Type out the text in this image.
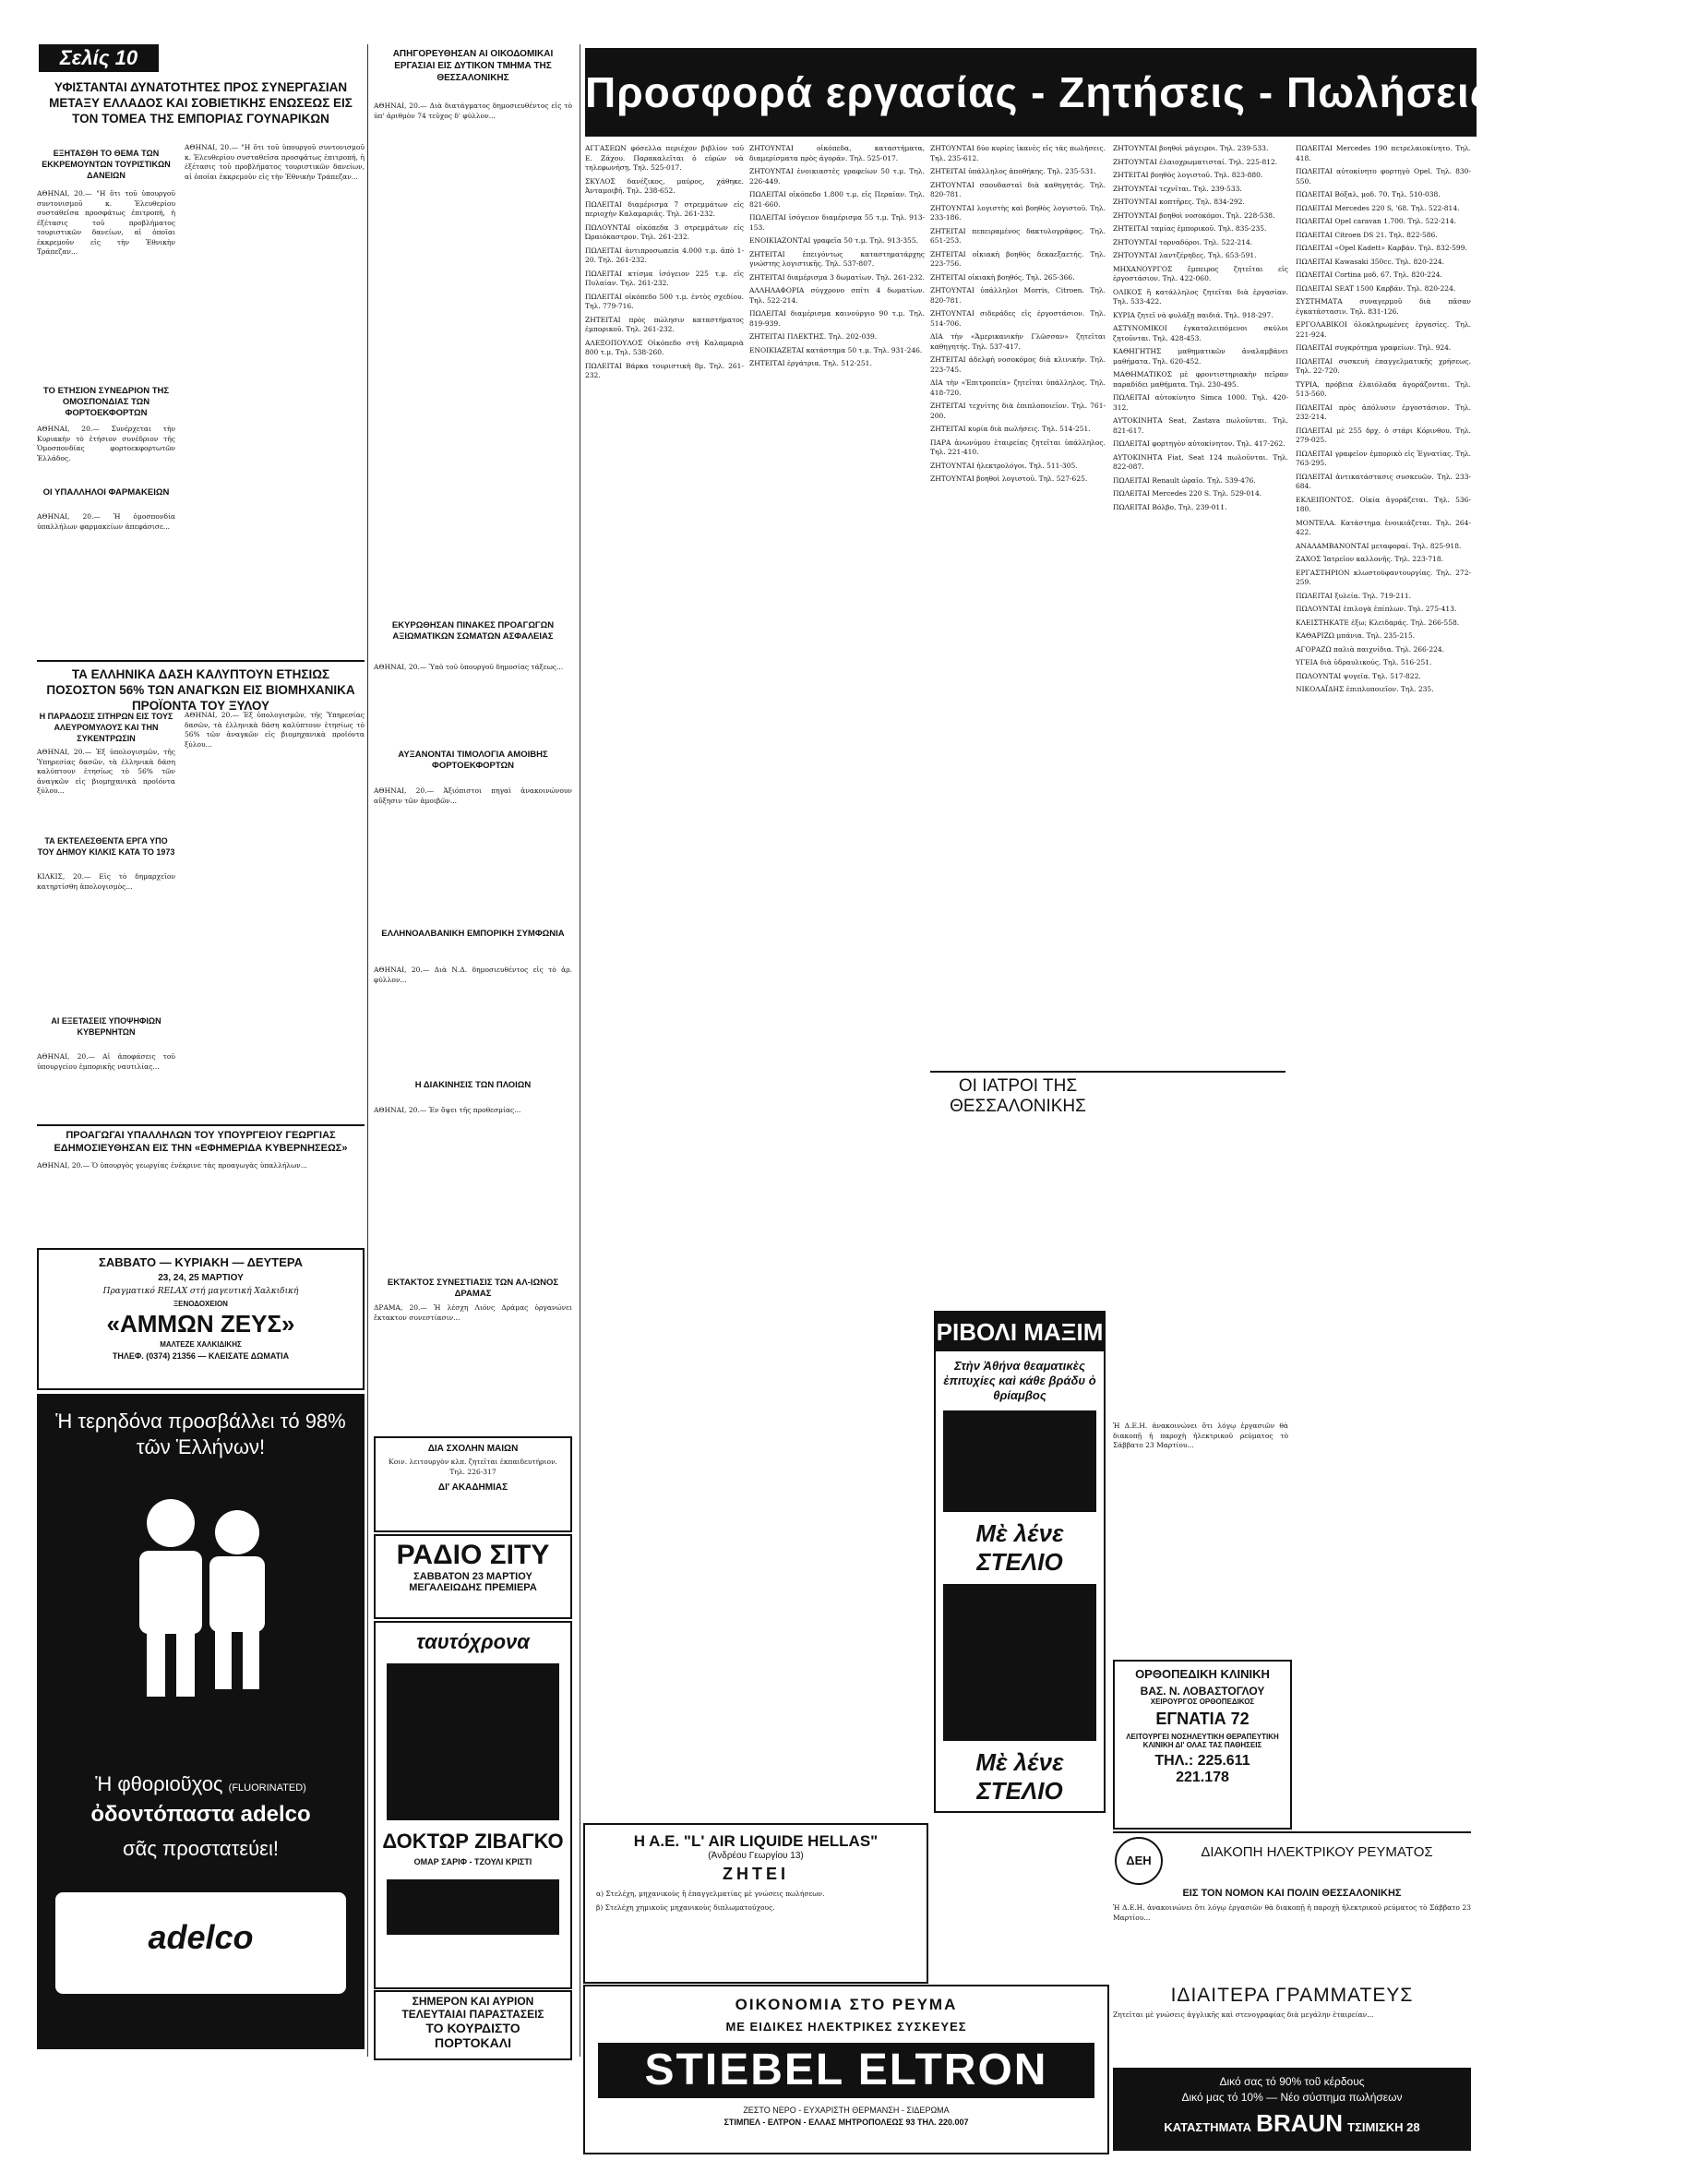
Σελίς 10
ΥΦΙΣΤΑΝΤΑΙ ΔΥΝΑΤΟΤΗΤΕΣ ΠΡΟΣ ΣΥΝΕΡΓΑΣΙΑΝ ΜΕΤΑΞΥ ΕΛΛΑΔΟΣ ΚΑΙ ΣΟΒΙΕΤΙΚΗΣ ΕΝΩΣΕΩΣ ΕΙΣ ΤΟΝ ΤΟΜΕΑ ΤΗΣ ΕΜΠΟΡΙΑΣ ΓΟΥΝΑΡΙΚΩΝ
ΕΞΗΤΑΣΘΗ ΤΟ ΘΕΜΑ ΤΩΝ ΕΚΚΡΕΜΟΥΝΤΩΝ ΤΟΥΡΙΣΤΙΚΩΝ ΔΑΝΕΙΩΝ
ΑΘΗΝΑΙ, 20.— "Η ὅτι τοῦ ὑπουργοῦ συντονισμοῦ κ. Ἐλευθερίου συσταθεῖσα προσφάτως ἐπιτροπή, ἡ ἐξέτασις τοῦ προβλήματος τουριστικῶν δανείων, αἱ ὁποῖαι ἐκκρεμοῦν εἰς τὴν Ἐθνικὴν Τράπεζαν...
ΑΘΗΝΑΙ, 20.— "Η ὅτι τοῦ ὑπουργοῦ συντονισμοῦ κ. Ἐλευθερίου συσταθεῖσα προσφάτως ἐπιτροπή, ἡ ἐξέτασις τοῦ προβλήματος τουριστικῶν δανείων, αἱ ὁποῖαι ἐκκρεμοῦν εἰς τὴν Ἐθνικὴν Τράπεζαν...
ΤΟ ΕΤΗΣΙΟΝ ΣΥΝΕΔΡΙΟΝ ΤΗΣ ΟΜΟΣΠΟΝΔΙΑΣ ΤΩΝ ΦΟΡΤΟΕΚΦΟΡΤΩΝ
ΑΘΗΝΑΙ, 20.— Συνέρχεται τὴν Κυριακὴν τὸ ἐτήσιον συνέδριον τῆς Ὁμοσπονδίας φορτοεκφορτωτῶν Ἑλλάδος.
ΟΙ ΥΠΑΛΛΗΛΟΙ ΦΑΡΜΑΚΕΙΩΝ
ΑΘΗΝΑΙ, 20.— Ἡ ὁμοσπονδία ὑπαλλήλων φαρμακείων ἀπεφάσισε...
ΤΑ ΕΛΛΗΝΙΚΑ ΔΑΣΗ ΚΑΛΥΠΤΟΥΝ ΕΤΗΣΙΩΣ ΠΟΣΟΣΤΟΝ 56% ΤΩΝ ΑΝΑΓΚΩΝ ΕΙΣ ΒΙΟΜΗΧΑΝΙΚΑ ΠΡΟΪΟΝΤΑ ΤΟΥ ΞΥΛΟΥ
Η ΠΑΡΑΔΟΣΙΣ ΣΙΤΗΡΩΝ ΕΙΣ ΤΟΥΣ ΑΛΕΥΡΟΜΥΛΟΥΣ ΚΑΙ ΤΗΝ ΣΥΚΕΝΤΡΩΣΙΝ
ΑΘΗΝΑΙ, 20.— Ἐξ ὑπολογισμῶν, τῆς Ὑπηρεσίας δασῶν, τὰ ἑλληνικὰ δάση καλύπτουν ἐτησίως τὸ 56% τῶν ἀναγκῶν εἰς βιομηχανικὰ προϊόντα ξύλου...
ΑΘΗΝΑΙ, 20.— Ἐξ ὑπολογισμῶν, τῆς Ὑπηρεσίας δασῶν, τὰ ἑλληνικὰ δάση καλύπτουν ἐτησίως τὸ 56% τῶν ἀναγκῶν εἰς βιομηχανικὰ προϊόντα ξύλου...
ΤΑ ΕΚΤΕΛΕΣΘΕΝΤΑ ΕΡΓΑ ΥΠΟ ΤΟΥ ΔΗΜΟΥ ΚΙΛΚΙΣ ΚΑΤΑ ΤΟ 1973
ΚΙΛΚΙΣ, 20.— Εἰς τὸ δημαρχεῖον κατηρτίσθη ἀπολογισμὸς...
ΑΙ ΕΞΕΤΑΣΕΙΣ ΥΠΟΨΗΦΙΩΝ ΚΥΒΕΡΝΗΤΩΝ
ΑΘΗΝΑΙ, 20.— Αἱ ἀποφάσεις τοῦ ὑπουργείου ἐμπορικῆς ναυτιλίας...
ΠΡΟΑΓΩΓΑΙ ΥΠΑΛΛΗΛΩΝ ΤΟΥ ΥΠΟΥΡΓΕΙΟΥ ΓΕΩΡΓΙΑΣ ΕΔΗΜΟΣΙΕΥΘΗΣΑΝ ΕΙΣ ΤΗΝ «ΕΦΗΜΕΡΙΔΑ ΚΥΒΕΡΝΗΣΕΩΣ»
ΑΘΗΝΑΙ, 20.— Ὁ ὑπουργὸς γεωργίας ἐνέκρινε τὰς προαγωγὰς ὑπαλλήλων...
ΣΑΒΒΑΤΟ — ΚΥΡΙΑΚΗ — ΔΕΥΤΕΡΑ
23, 24, 25 ΜΑΡΤΙΟΥ
Πραγματικό RELAX στή μαγευτική Χαλκιδική
ΞΕΝΟΔΟΧΕΙΟΝ
«ΑΜΜΩΝ ΖΕΥΣ»
ΜΑΛΤΕΖΕ ΧΑΛΚΙΔΙΚΗΣ
ΤΗΛΕΦ. (0374) 21356 — ΚΛΕΙΣΑΤΕ ΔΩΜΑΤΙΑ
Ἡ τερηδόνα προσβάλλει τό 98% τῶν Ἑλλήνων!
Ἡ φθοριοῦχος (FLUORINATED)
ὀδοντόπαστα adelco
σᾶς προστατεύει!
adelco
ΑΠΗΓΟΡΕΥΘΗΣΑΝ ΑΙ ΟΙΚΟΔΟΜΙΚΑΙ ΕΡΓΑΣΙΑΙ ΕΙΣ ΔΥΤΙΚΟΝ ΤΜΗΜΑ ΤΗΣ ΘΕΣΣΑΛΟΝΙΚΗΣ
ΑΘΗΝΑΙ, 20.— Διὰ διατάγματος δημοσιευθέντος εἰς τὸ ὑπ' ἀριθμὸν 74 τεῦχος δ' φύλλον...
ΕΚΥΡΩΘΗΣΑΝ ΠΙΝΑΚΕΣ ΠΡΟΑΓΩΓΩΝ ΑΞΙΩΜΑΤΙΚΩΝ ΣΩΜΑΤΩΝ ΑΣΦΑΛΕΙΑΣ
ΑΘΗΝΑΙ, 20.— Ὑπὸ τοῦ ὑπουργοῦ δημοσίας τάξεως...
ΑΥΞΑΝΟΝΤΑΙ ΤΙΜΟΛΟΓΙΑ ΑΜΟΙΒΗΣ ΦΟΡΤΟΕΚΦΟΡΤΩΝ
ΑΘΗΝΑΙ, 20.— Ἀξιόπιστοι πηγαὶ ἀνακοινώνουν αὔξησιν τῶν ἀμοιβῶν...
ΕΛΛΗΝΟΑΛΒΑΝΙΚΗ ΕΜΠΟΡΙΚΗ ΣΥΜΦΩΝΙΑ
ΑΘΗΝΑΙ, 20.— Διὰ Ν.Δ. δημοσιευθέντος εἰς τὸ ἀρ. φύλλον...
Η ΔΙΑΚΙΝΗΣΙΣ ΤΩΝ ΠΛΟΙΩΝ
ΑΘΗΝΑΙ, 20.— Ἐν ὄψει τῆς προθεσμίας...
ΕΚΤΑΚΤΟΣ ΣΥΝΕΣΤΙΑΣΙΣ ΤΩΝ ΑΛ-ΙΩΝΟΣ ΔΡΑΜΑΣ
ΔΡΑΜΑ, 20.— Ἡ λέσχη Λιόνς Δράμας ὀργανώνει ἔκτακτον συνεστίασιν...
ΔΙΑ ΣΧΟΛΗΝ ΜΑΙΩΝ
Κοιν. λειτουργὸν κλπ. ζητεῖται ἐκπαιδευτήριον. Τηλ. 226-317
ΔΙ' ΑΚΑΔΗΜΙΑΣ
ΡΑΔΙΟ ΣΙΤΥ
ΣΑΒΒΑΤΟΝ 23 ΜΑΡΤΙΟΥ
ΜΕΓΑΛΕΙΩΔΗΣ ΠΡΕΜΙΕΡΑ
ταυτόχρονα
ΔΟΚΤΩΡ ΖΙΒΑΓΚΟ
ΟΜΑΡ ΣΑΡΙΦ - ΤΖΟΥΛΙ ΚΡΙΣΤΙ
ΣΗΜΕΡΟΝ ΚΑΙ ΑΥΡΙΟΝ
ΤΕΛΕΥΤΑΙΑΙ ΠΑΡΑΣΤΑΣΕΙΣ
ΤΟ ΚΟΥΡΔΙΣΤΟ
ΠΟΡΤΟΚΑΛΙ
Προσφορά εργασίας - Ζητήσεις - Πωλήσεις - Ακίνητα
ΑΓΓΑΣΕΩΝ φόσελλα περιέχον βιβλίον τοῦ Ε. Ζάχου. Παρακαλεῖται ὁ εὑρὼν νὰ τηλεφωνήσῃ. Τηλ. 525-017.
ΣΚΥΛΟΣ δανέζικος, μαύρος, χάθηκε. Ἀνταμοιβή. Τηλ. 238-652.
ΠΩΛΕΙΤΑΙ διαμέρισμα 7 στρεμμάτων εἰς περιοχὴν Καλαμαριᾶς. Τηλ. 261-232.
ΠΩΛΟΥΝΤΑΙ οἰκόπεδα 3 στρεμμάτων εἰς Ὠραιόκαστρον. Τηλ. 261-232.
ΠΩΛΕΙΤΑΙ ἀντιπροσωπεία 4.000 τ.μ. ἀπὸ 1-20. Τηλ. 261-232.
ΠΩΛΕΙΤΑΙ κτίσμα ἰσόγειον 225 τ.μ. εἰς Πυλαίαν. Τηλ. 261-232.
ΠΩΛΕΙΤΑΙ οἰκόπεδο 500 τ.μ. ἐντὸς σχεδίου. Τηλ. 779-716.
ΖΗΤΕΙΤΑΙ πρὸς πώλησιν καταστήματος ἐμπορικοῦ. Τηλ. 261-232.
ΑΛΕΞΟΠΟΥΛΟΣ Οἰκόπεδο στὴ Καλαμαριὰ 800 τ.μ. Τηλ. 538-260.
ΠΩΛΕΙΤΑΙ Βάρκα τουριστικὴ 8μ. Τηλ. 261-232.
ΖΗΤΟΥΝΤΑΙ οἰκόπεδα, καταστήματα, διαμερίσματα πρὸς ἀγοράν. Τηλ. 525-017.
ΖΗΤΟΥΝΤΑΙ ἐνοικιαστὲς γραφείων 50 τ.μ. Τηλ. 226-449.
ΠΩΛΕΙΤΑΙ οἰκόπεδο 1.800 τ.μ. εἰς Περαίαν. Τηλ. 821-660.
ΠΩΛΕΙΤΑΙ ἰσόγειον διαμέρισμα 55 τ.μ. Τηλ. 913-153.
ΕΝΟΙΚΙΑΖΟΝΤΑΙ γραφεῖα 50 τ.μ. Τηλ. 913-355.
ΖΗΤΕΙΤΑΙ ἐπειγόντως καταστηματάρχης γνώστης λογιστικῆς. Τηλ. 537-807.
ΖΗΤΕΙΤΑΙ διαμέρισμα 3 δωματίων. Τηλ. 261-232.
ΑΛΛΗΛΑΦΟΡΙΑ σύγχρονο σπίτι 4 δωματίων. Τηλ. 522-214.
ΠΩΛΕΙΤΑΙ διαμέρισμα καινούργιο 90 τ.μ. Τηλ. 819-939.
ΖΗΤΕΙΤΑΙ ΠΛΕΚΤΗΣ. Τηλ. 202-039.
ΕΝΟΙΚΙΑΖΕΤΑΙ κατάστημα 50 τ.μ. Τηλ. 931-246.
ΖΗΤΕΙΤΑΙ ἐργάτρια. Τηλ. 512-251.
ΖΗΤΟΥΝΤΑΙ δύο κυρίες ἱκανὲς εἰς τὰς πωλήσεις. Τηλ. 235-612.
ΖΗΤΕΙΤΑΙ ὑπάλληλος ἀποθήκης. Τηλ. 235-531.
ΖΗΤΟΥΝΤΑΙ σπουδασταὶ διὰ καθηγητάς. Τηλ. 820-781.
ΖΗΤΟΥΝΤΑΙ λογιστὴς καὶ βοηθὸς λογιστοῦ. Τηλ. 233-186.
ΖΗΤΕΙΤΑΙ πεπειραμένος δακτυλογράφος. Τηλ. 651-253.
ΖΗΤΕΙΤΑΙ οἰκιακὴ βοηθὸς δεκαεξαετής. Τηλ. 223-756.
ΖΗΤΕΙΤΑΙ οἰκιακὴ βοηθός. Τηλ. 265-366.
ΖΗΤΟΥΝΤΑΙ ὑπάλληλοι Morris, Citroen. Τηλ. 820-781.
ΖΗΤΟΥΝΤΑΙ σιδεράδες εἰς ἐργοστάσιον. Τηλ. 514-706.
ΔΙΑ τὴν «Ἀμερικανικὴν Γλῶσσαν» ζητεῖται καθηγητής. Τηλ. 537-417.
ΖΗΤΕΙΤΑΙ ἀδελφὴ νοσοκόμος διὰ κλινικήν. Τηλ. 223-745.
ΔΙΑ τὴν «Ἐπιτροπεία» ζητεῖται ὑπάλληλος. Τηλ. 418-720.
ΖΗΤΕΙΤΑΙ τεχνίτης διὰ ἐπιπλοποιεῖον. Τηλ. 761-200.
ΖΗΤΕΙΤΑΙ κυρία διὰ πωλήσεις. Τηλ. 514-251.
ΠΑΡΑ ἀνωνύμου ἑταιρείας ζητεῖται ὑπάλληλος. Τηλ. 221-410.
ΖΗΤΟΥΝΤΑΙ ἡλεκτρολόγοι. Τηλ. 511-305.
ΖΗΤΟΥΝΤΑΙ βοηθοὶ λογιστοῦ. Τηλ. 527-625.
ΖΗΤΟΥΝΤΑΙ βοηθοὶ μάγειροι. Τηλ. 239-533.
ΖΗΤΟΥΝΤΑΙ ἐλαιοχρωματισταί. Τηλ. 225-812.
ΖΗΤΕΙΤΑΙ βοηθὸς λογιστοῦ. Τηλ. 823-880.
ΖΗΤΟΥΝΤΑΙ τεχνῖται. Τηλ. 239-533.
ΖΗΤΟΥΝΤΑΙ κοπτῆρες. Τηλ. 834-292.
ΖΗΤΟΥΝΤΑΙ βοηθοὶ νοσοκόμοι. Τηλ. 228-538.
ΖΗΤΕΙΤΑΙ ταμίας ἐμπορικοῦ. Τηλ. 835-235.
ΖΗΤΟΥΝΤΑΙ τορναδόροι. Τηλ. 522-214.
ΖΗΤΟΥΝΤΑΙ λαντζέρηδες. Τηλ. 653-591.
ΜΗΧΑΝΟΥΡΓΟΣ ἔμπειρος ζητεῖται εἰς ἐργοστάσιον. Τηλ. 422-060.
ΟΛΙΚΟΣ ἢ κατάλληλος ζητεῖται διὰ ἐργασίαν. Τηλ. 533-422.
ΚΥΡΙΑ ζητεῖ νὰ φυλάξῃ παιδιά. Τηλ. 918-297.
ΑΣΤΥΝΟΜΙΚΟΙ ἐγκαταλειπόμενοι σκύλοι ζητοῦνται. Τηλ. 428-453.
ΚΑΘΗΓΗΤΗΣ μαθηματικῶν ἀναλαμβάνει μαθήματα. Τηλ. 620-452.
ΜΑΘΗΜΑΤΙΚΟΣ μὲ φροντιστηριακὴν πεῖραν παραδίδει μαθήματα. Τηλ. 230-495.
ΠΩΛΕΙΤΑΙ αὐτοκίνητο Simca 1000. Τηλ. 420-312.
ΑΥΤΟΚΙΝΗΤΑ Seat, Zastava πωλοῦνται. Τηλ. 821-617.
ΠΩΛΕΙΤΑΙ φορτηγὸν αὐτοκίνητον. Τηλ. 417-262.
ΑΥΤΟΚΙΝΗΤΑ Fiat, Seat 124 πωλοῦνται. Τηλ. 822-087.
ΠΩΛΕΙΤΑΙ Renault ὡραῖο. Τηλ. 539-476.
ΠΩΛΕΙΤΑΙ Mercedes 220 S. Τηλ. 529-014.
ΠΩΛΕΙΤΑΙ Βόλβο. Τηλ. 239-011.
ΠΩΛΕΙΤΑΙ Mercedes 190 πετρελαιοκίνητο. Τηλ. 418.
ΠΩΛΕΙΤΑΙ αὐτοκίνητο φορτηγὸ Opel. Τηλ. 830-550.
ΠΩΛΕΙΤΑΙ Βόξαλ, μοδ. 70. Τηλ. 510-038.
ΠΩΛΕΙΤΑΙ Mercedes 220 S, '68. Τηλ. 522-814.
ΠΩΛΕΙΤΑΙ Opel caravan 1.700. Τηλ. 522-214.
ΠΩΛΕΙΤΑΙ Citroen DS 21. Τηλ. 822-586.
ΠΩΛΕΙΤΑΙ «Opel Kadett» Καρβάν. Τηλ. 832-599.
ΠΩΛΕΙΤΑΙ Kawasaki 350cc. Τηλ. 820-224.
ΠΩΛΕΙΤΑΙ Cortina μοδ. 67. Τηλ. 820-224.
ΠΩΛΕΙΤΑΙ SEAT 1500 Καρβάν. Τηλ. 820-224.
ΣΥΣΤΗΜΑΤΑ συναγερμοῦ διὰ πᾶσαν ἐγκατάστασιν. Τηλ. 831-126.
ΕΡΓΟΛΑΒΙΚΟΙ ὁλοκληρωμένες ἐργασίες. Τηλ. 221-924.
ΠΩΛΕΙΤΑΙ συγκρότημα γραφείων. Τηλ. 924.
ΠΩΛΕΙΤΑΙ συσκευὴ ἐπαγγελματικῆς χρήσεως. Τηλ. 22-720.
ΤΥΡΙΑ, πρόβεια ἐλαιόλαδα ἀγοράζονται. Τηλ. 513-560.
ΠΩΛΕΙΤΑΙ πρὸς ἀπόλυσιν ἐργοστάσιον. Τηλ. 232-214.
ΠΩΛΕΙΤΑΙ μὲ 255 δρχ. ὁ στάρι Κόρινθου. Τηλ. 279-025.
ΠΩΛΕΙΤΑΙ γραφεῖον ἐμπορικὸ εἰς Ἐγνατίας. Τηλ. 763-295.
ΠΩΛΕΙΤΑΙ ἀντικατάστασις συσκευῶν. Τηλ. 233-684.
ΕΚΛΕΙΠΟΝΤΟΣ. Οἰκία ἀγοράζεται. Τηλ. 536-180.
ΜΟΝΤΕΛΑ. Κατάστημα ἐνοικιάζεται. Τηλ. 264-422.
ΑΝΑΛΑΜΒΑΝΟΝΤΑΙ μεταφοραί. Τηλ. 825-918.
ΖΑΧΟΣ Ἰατρεῖον καλλονῆς. Τηλ. 223-718.
ΕΡΓΑΣΤΗΡΙΟΝ κλωστοϋφαντουργίας. Τηλ. 272-259.
ΠΩΛΕΙΤΑΙ ξυλεία. Τηλ. 719-211.
ΠΩΛΟΥΝΤΑΙ ἐπιλογὰ ἐπίπλων. Τηλ. 275-413.
ΚΛΕΙΣΤΗΚΑΤΕ ἐξω; Κλειδαράς. Τηλ. 266-558.
ΚΑΘΑΡΙΖΩ μπάνια. Τηλ. 235-215.
ΑΓΟΡΑΖΩ παλιὰ παιχνίδια. Τηλ. 266-224.
ΥΓΕΙΑ διὰ ὑδραυλικούς. Τηλ. 516-251.
ΠΩΛΟΥΝΤΑΙ ψυγεῖα. Τηλ. 517-822.
ΝΙΚΟΛΑΪΔΗΣ ἐπιπλοποιεῖον. Τηλ. 235.
ΟΙ ΙΑΤΡΟΙ ΤΗΣ ΘΕΣΣΑΛΟΝΙΚΗΣ
Ἡ Δ.Ε.Η. ἀνακοινώνει ὅτι λόγῳ ἐργασιῶν θὰ διακοπῇ ἡ παροχὴ ἠλεκτρικοῦ ρεύματος τὸ Σάββατο 23 Μαρτίου...
ΡΙΒΟΛΙ ΜΑΞΙΜ
Στὴν Ἀθήνα θεαματικὲς ἐπιτυχίες καὶ κάθε βράδυ ὁ θρίαμβος
Μὲ λένε ΣΤΕΛΙΟ
Μὲ λένε ΣΤΕΛΙΟ
ΟΡΘΟΠΕΔΙΚΗ ΚΛΙΝΙΚΗ
ΒΑΣ. Ν. ΛΟΒΑΣΤΟΓΛΟΥ
ΧΕΙΡΟΥΡΓΟΣ ΟΡΘΟΠΕΔΙΚΟΣ
ΕΓΝΑΤΙΑ 72
ΛΕΙΤΟΥΡΓΕΙ ΝΟΣΗΛΕΥΤΙΚΗ ΘΕΡΑΠΕΥΤΙΚΗ ΚΛΙΝΙΚΗ ΔΙ' ΟΛΑΣ ΤΑΣ ΠΑΘΗΣΕΙΣ
ΤΗΛ.: 225.611
221.178
Η Α.Ε. "L' AIR LIQUIDE HELLAS"
(Ἀνδρέου Γεωργίου 13)
ΖΗΤΕΙ
α) Στελέχη, μηχανικοὺς ἢ ἐπαγγελματίας μὲ γνώσεις πωλήσεων.
β) Στελέχη χημικοὺς μηχανικοὺς διπλωματούχους.
ΔΕΗ
ΔΙΑΚΟΠΗ ΗΛΕΚΤΡΙΚΟΥ ΡΕΥΜΑΤΟΣ
ΕΙΣ ΤΟΝ ΝΟΜΟΝ ΚΑΙ ΠΟΛΙΝ ΘΕΣΣΑΛΟΝΙΚΗΣ
Ἡ Δ.Ε.Η. ἀνακοινώνει ὅτι λόγῳ ἐργασιῶν θὰ διακοπῇ ἡ παροχὴ ἠλεκτρικοῦ ρεύματος τὸ Σάββατο 23 Μαρτίου...
ΙΔΙΑΙΤΕΡΑ ΓΡΑΜΜΑΤΕΥΣ
Ζητεῖται μὲ γνώσεις ἀγγλικῆς καὶ στενογραφίας διὰ μεγάλην ἑταιρείαν...
Δικό σας τό 90% τοῦ κέρδους
Δικό μας τό 10% — Νέο σύστημα πωλήσεων
ΚΑΤΑΣΤΗΜΑΤΑ BRAUN ΤΣΙΜΙΣΚΗ 28
ΟΙΚΟΝΟΜΙΑ ΣΤΟ ΡΕΥΜΑ
ΜΕ ΕΙΔΙΚΕΣ ΗΛΕΚΤΡΙΚΕΣ ΣΥΣΚΕΥΕΣ
STIEBEL ELTRON
ΖΕΣΤΟ ΝΕΡΟ - ΕΥΧΑΡΙΣΤΗ ΘΕΡΜΑΝΣΗ - ΣΙΔΕΡΩΜΑ
ΣΤΙΜΠΕΛ - ΕΛΤΡΟΝ - ΕΛΛΑΣ ΜΗΤΡΟΠΟΛΕΩΣ 93 ΤΗΛ. 220.007
